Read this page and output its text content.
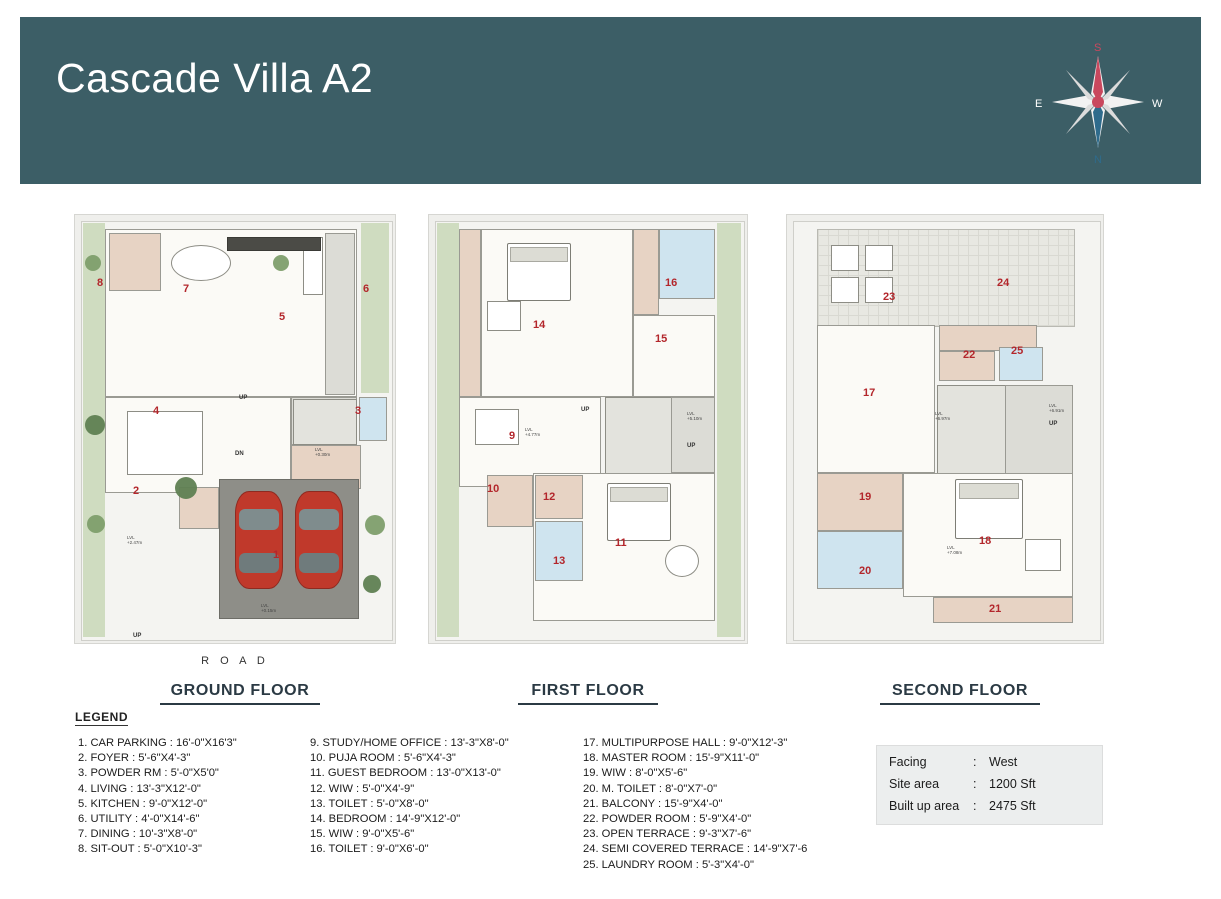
Cascade Villa A2
S
N
E	W
8	7	6
5
4	3
2
1
UP
DN
UP
LVL
+2.47m
LVL
+0.15m
LVL
+0.30m
14
16
15
9
10
12
13
11
UP
UP
LVL
+4.77m
LVL
+5.10m
24
23
22	25
17
19
18
20
21
UP
LVL
+6.97m
LVL
+6.91m
LVL
+7.08m
R O A D
GROUND FLOOR	FIRST FLOOR	SECOND FLOOR
LEGEND
1. CAR PARKING : 16'-0"X16'3"
2. FOYER : 5'-6"X4'-3"
3. POWDER RM : 5'-0"X5'0"
4. LIVING : 13'-3"X12'-0"
5. KITCHEN : 9'-0"X12'-0"
6. UTILITY : 4'-0"X14'-6"
7. DINING : 10'-3"X8'-0"
8. SIT-OUT : 5'-0"X10'-3"
9. STUDY/HOME OFFICE : 13'-3"X8'-0"
10. PUJA ROOM : 5'-6"X4'-3"
11. GUEST BEDROOM : 13'-0"X13'-0"
12. WIW : 5'-0"X4'-9"
13. TOILET : 5'-0"X8'-0"
14. BEDROOM : 14'-9"X12'-0"
15. WIW : 9'-0"X5'-6"
16. TOILET : 9'-0"X6'-0"
17. MULTIPURPOSE HALL : 9'-0"X12'-3"
18. MASTER ROOM : 15'-9"X11'-0"
19. WIW : 8'-0"X5'-6"
20. M. TOILET : 8'-0"X7'-0"
21. BALCONY : 15'-9"X4'-0"
22. POWDER ROOM : 5'-9"X4'-0"
23. OPEN TERRACE : 9'-3"X7'-6"
24. SEMI COVERED TERRACE : 14'-9"X7'-6
25. LAUNDRY ROOM : 5'-3"X4'-0"
Facing	: West
Site area	: 1200 Sft
Built up area : 2475 Sft
